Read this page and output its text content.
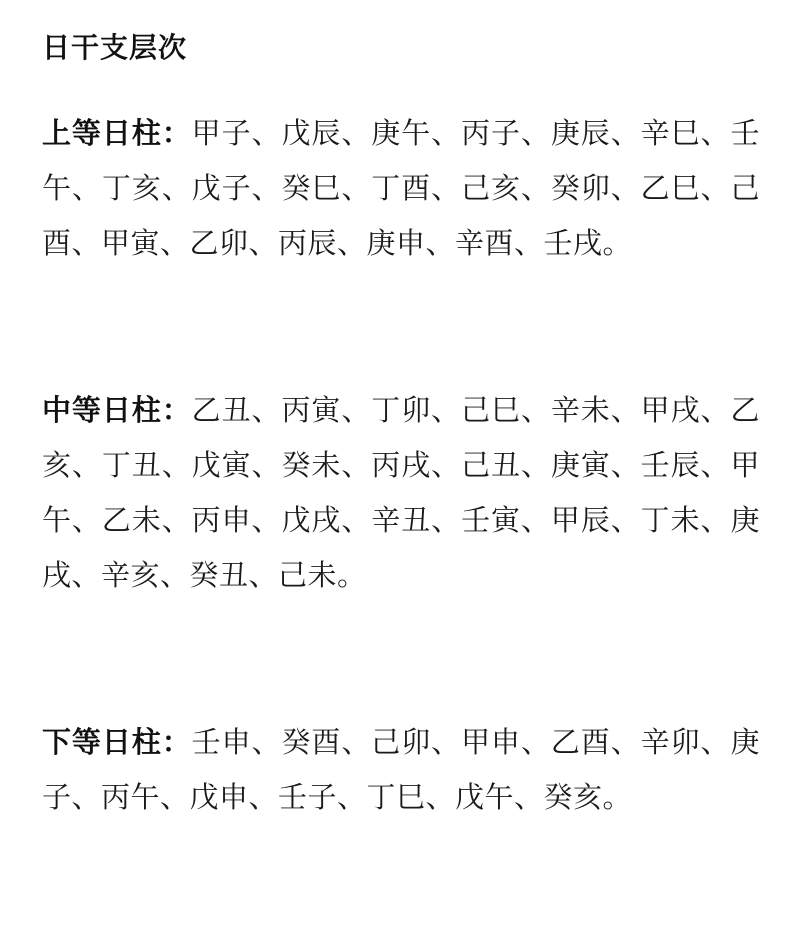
日干支层次

上等日柱：甲子、戊辰、庚午、丙子、庚辰、辛巳、壬午、丁亥、戊子、癸巳、丁酉、己亥、癸卯、乙巳、己酉、甲寅、乙卯、丙辰、庚申、辛酉、壬戌。

中等日柱：乙丑、丙寅、丁卯、己巳、辛未、甲戌、乙亥、丁丑、戊寅、癸未、丙戌、己丑、庚寅、壬辰、甲午、乙未、丙申、戊戌、辛丑、壬寅、甲辰、丁未、庚戌、辛亥、癸丑、己未。

下等日柱：壬申、癸酉、己卯、甲申、乙酉、辛卯、庚子、丙午、戊申、壬子、丁巳、戊午、癸亥。
